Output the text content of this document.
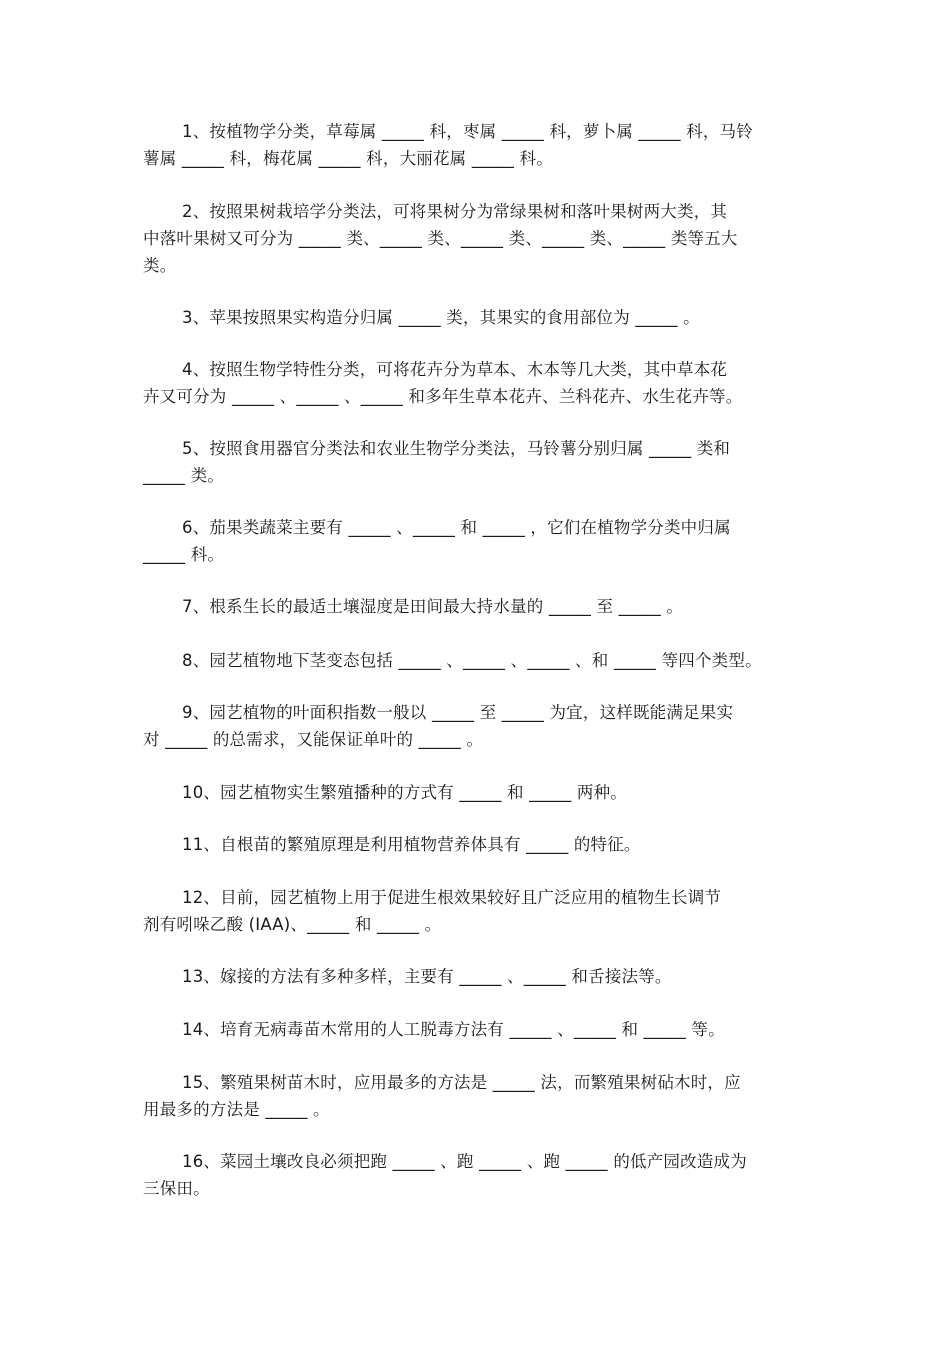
1、按植物学分类，草莓属 _____ 科，枣属 _____ 科，萝卜属 _____ 科，马铃
薯属 _____ 科，梅花属 _____ 科，大丽花属 _____ 科。
2、按照果树栽培学分类法，可将果树分为常绿果树和落叶果树两大类，其
中落叶果树又可分为 _____ 类、_____ 类、_____ 类、_____ 类、_____ 类等五大
类。
3、苹果按照果实构造分归属 _____ 类，其果实的食用部位为 _____ 。
4、按照生物学特性分类，可将花卉分为草本、木本等几大类，其中草本花
卉又可分为 _____ 、_____ 、_____ 和多年生草本花卉、兰科花卉、水生花卉等。
5、按照食用器官分类法和农业生物学分类法，马铃薯分别归属 _____ 类和
_____ 类。
6、茄果类蔬菜主要有 _____ 、_____ 和 _____ ，它们在植物学分类中归属
_____ 科。
7、根系生长的最适土壤湿度是田间最大持水量的 _____ 至 _____ 。
8、园艺植物地下茎变态包括 _____ 、_____ 、_____ 、和 _____ 等四个类型。
9、园艺植物的叶面积指数一般以 _____ 至 _____ 为宜，这样既能满足果实
对 _____ 的总需求，又能保证单叶的 _____ 。
10、园艺植物实生繁殖播种的方式有 _____ 和 _____ 两种。
11、自根苗的繁殖原理是利用植物营养体具有 _____ 的特征。
12、目前，园艺植物上用于促进生根效果较好且广泛应用的植物生长调节
剂有吲哚乙酸 (IAA)、_____ 和 _____ 。
13、嫁接的方法有多种多样，主要有 _____ 、_____ 和舌接法等。
14、培育无病毒苗木常用的人工脱毒方法有 _____ 、_____ 和 _____ 等。
15、繁殖果树苗木时，应用最多的方法是 _____ 法，而繁殖果树砧木时，应
用最多的方法是 _____ 。
16、菜园土壤改良必须把跑 _____ 、跑 _____ 、跑 _____ 的低产园改造成为
三保田。
